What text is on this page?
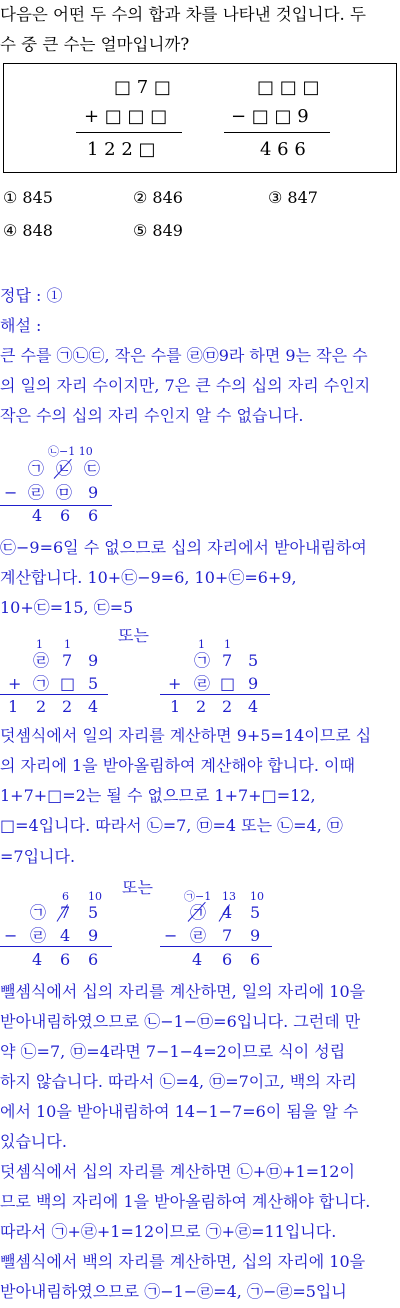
다음은 어떤 두 수의 합과 차를 나타낸 것입니다. 두
수 중 큰 수는 얼마입니까?
□ 7 □
+ □ □ □
1 2 2 □
□ □ □
− □ □ 9
4 6 6
① 845	② 846	③ 847
④ 848	⑤ 849
정답 : ①
해설 :
큰 수를 ㉠㉡㉢, 작은 수를 ㉣㉤9라 하면 9는 작은 수
의 일의 자리 수이지만, 7은 큰 수의 십의 자리 수인지
작은 수의 십의 자리 수인지 알 수 없습니다.
㉡−1 10
㉠ ㉡ ㉢
− ㉣ ㉤ 9
4 6 6
㉢−9=6일 수 없으므로 십의 자리에서 받아내림하여
계산합니다. 10+㉢−9=6, 10+㉢=6+9,
10+㉢=15, ㉢=5
또는
1 1
㉣ 7 9
+ ㉠ □ 5
1 2 2 4
1 1
㉠ 7 5
+ ㉣ □ 9
1 2 2 4
덧셈식에서 일의 자리를 계산하면 9+5=14이므로 십
의 자리에 1을 받아올림하여 계산해야 합니다. 이때
1+7+□=2는 될 수 없으므로 1+7+□=12,
□=4입니다. 따라서 ㉡=7, ㉤=4 또는 ㉡=4, ㉤
=7입니다.
또는
6 10
㉠ 7 5
− ㉣ 4 9
4 6 6
㉠−1 13 10
㉠ 4 5
− ㉣ 7 9
4 6 6
뺄셈식에서 십의 자리를 계산하면, 일의 자리에 10을
받아내림하였으므로 ㉡−1−㉤=6입니다. 그런데 만
약 ㉡=7, ㉤=4라면 7−1−4=2이므로 식이 성립
하지 않습니다. 따라서 ㉡=4, ㉤=7이고, 백의 자리
에서 10을 받아내림하여 14−1−7=6이 됨을 알 수
있습니다.
덧셈식에서 십의 자리를 계산하면 ㉡+㉤+1=12이
므로 백의 자리에 1을 받아올림하여 계산해야 합니다.
따라서 ㉠+㉣+1=12이므로 ㉠+㉣=11입니다.
뺄셈식에서 백의 자리를 계산하면, 십의 자리에 10을
받아내림하였으므로 ㉠−1−㉣=4, ㉠−㉣=5입니
